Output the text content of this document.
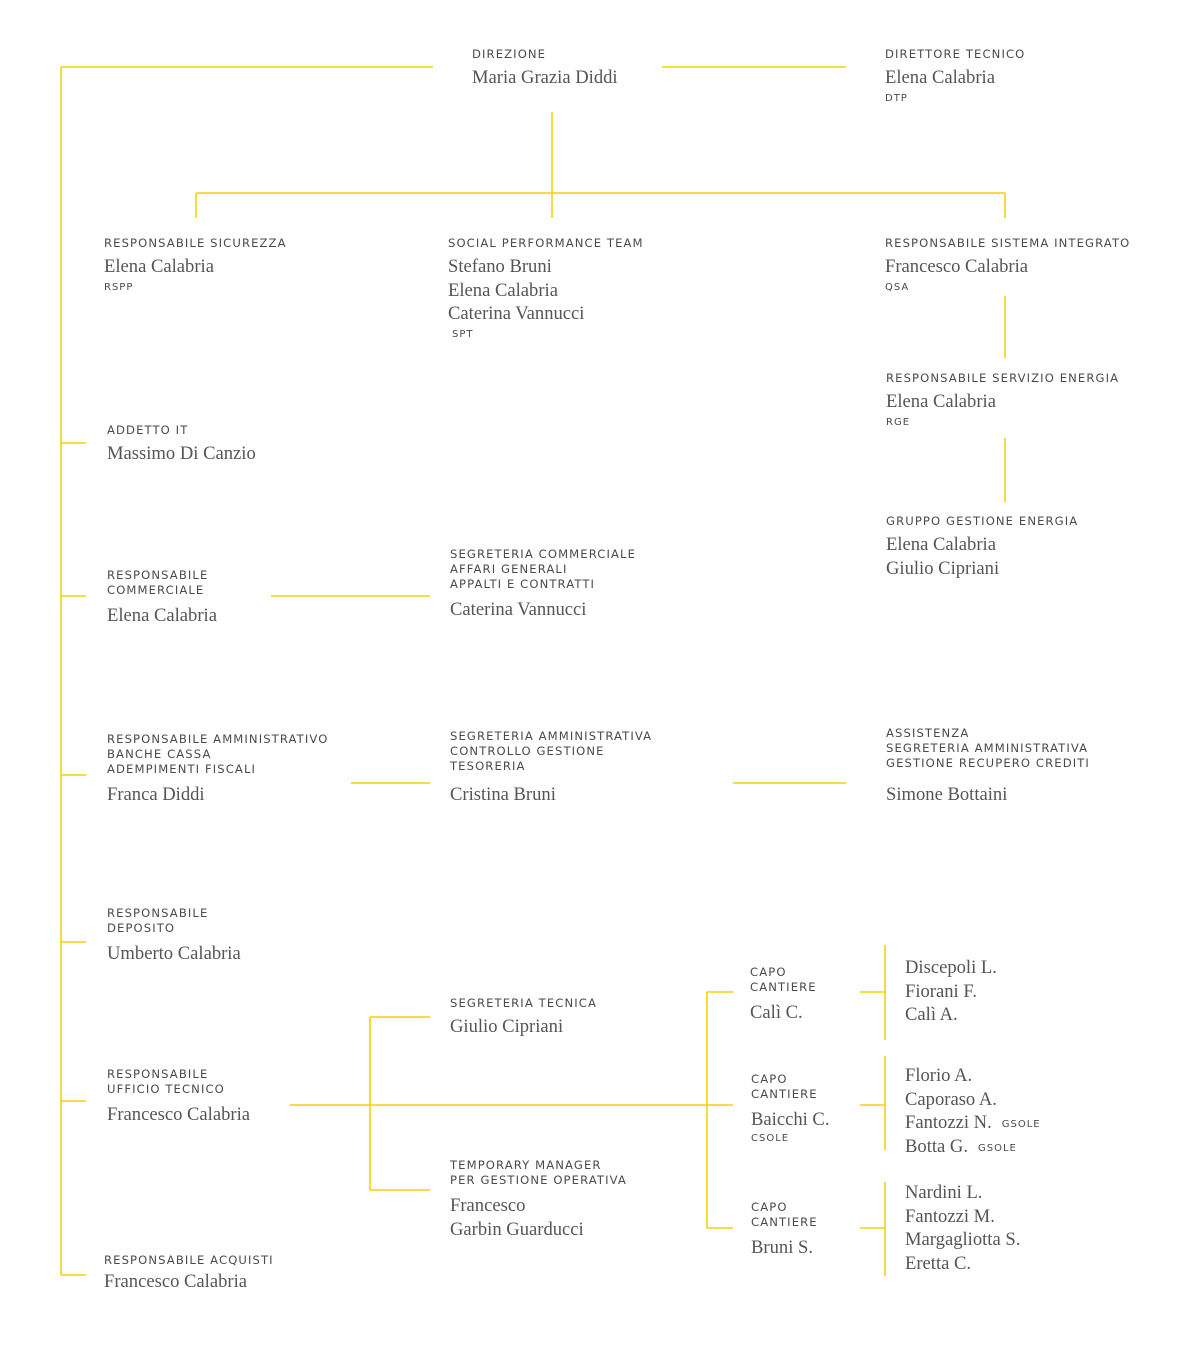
DIREZIONE
Maria Grazia Diddi
DIRETTORE TECNICO
Elena Calabria
DTP
RESPONSABILE SICUREZZA
Elena Calabria
RSPP
SOCIAL PERFORMANCE TEAM
Stefano Bruni
Elena Calabria
Caterina Vannucci
SPT
RESPONSABILE SISTEMA INTEGRATO
Francesco Calabria
QSA
RESPONSABILE SERVIZIO ENERGIA
Elena Calabria
RGE
GRUPPO GESTIONE ENERGIA
Elena Calabria
Giulio Cipriani
ADDETTO IT
Massimo Di Canzio
RESPONSABILE
COMMERCIALE
Elena Calabria
SEGRETERIA COMMERCIALE
AFFARI GENERALI
APPALTI E CONTRATTI
Caterina Vannucci
RESPONSABILE AMMINISTRATIVO
BANCHE CASSA
ADEMPIMENTI FISCALI
Franca Diddi
SEGRETERIA AMMINISTRATIVA
CONTROLLO GESTIONE
TESORERIA
Cristina Bruni
ASSISTENZA
SEGRETERIA AMMINISTRATIVA
GESTIONE RECUPERO CREDITI
Simone Bottaini
RESPONSABILE
DEPOSITO
Umberto Calabria
RESPONSABILE
UFFICIO TECNICO
Francesco Calabria
SEGRETERIA TECNICA
Giulio Cipriani
TEMPORARY MANAGER
PER GESTIONE OPERATIVA
Francesco
Garbin Guarducci
RESPONSABILE ACQUISTI
Francesco Calabria
CAPO
CANTIERE
Calì C.
CAPO
CANTIERE
Baicchi C.
CSOLE
CAPO
CANTIERE
Bruni S.
Discepoli L.
Fiorani F.
Calì A.
Florio A.
Caporaso A.
Fantozzi N. GSOLE
Botta G. GSOLE
Nardini L.
Fantozzi M.
Margagliotta S.
Eretta C.
